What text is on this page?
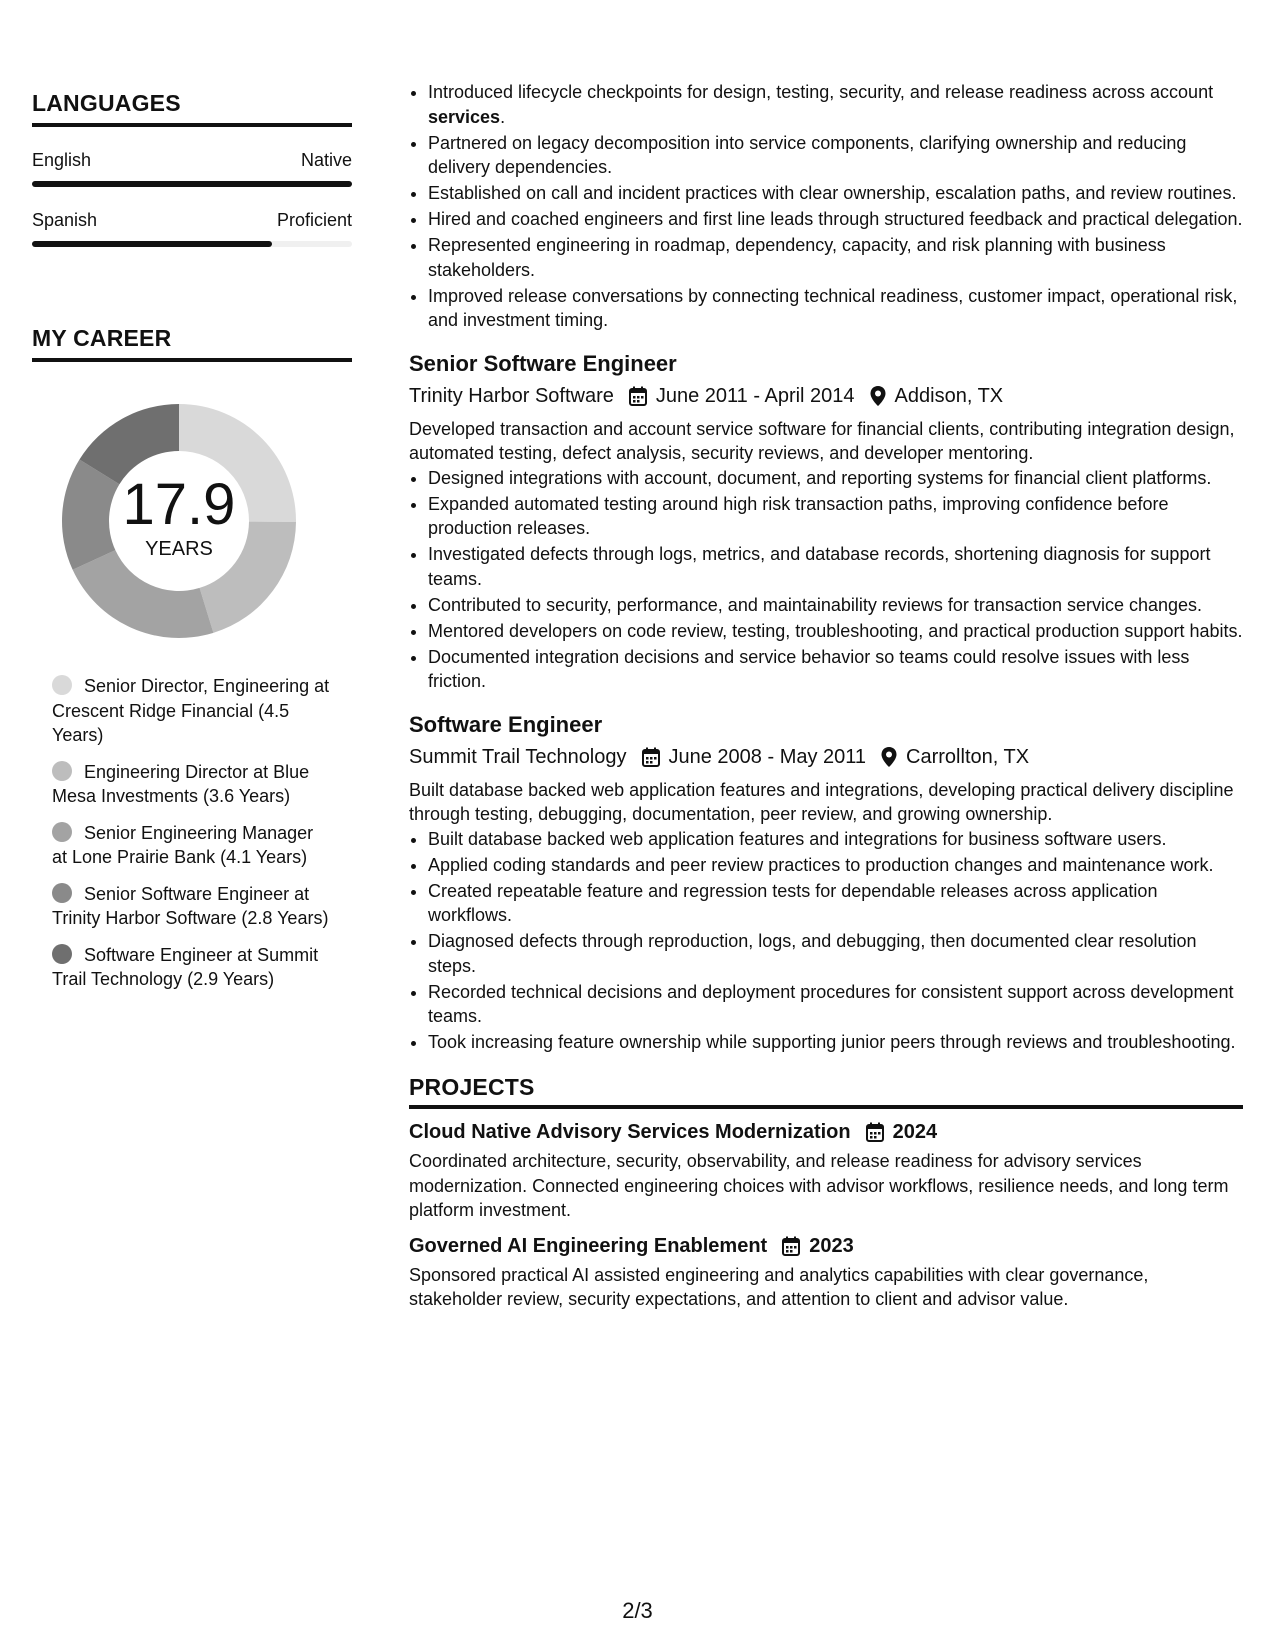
LANGUAGES
English	Native
Spanish	Proficient
MY CAREER
17.9
YEARS
Senior Director, Engineering at Crescent Ridge Financial (4.5 Years)
Engineering Director at Blue Mesa Investments (3.6 Years)
Senior Engineering Manager at Lone Prairie Bank (4.1 Years)
Senior Software Engineer at Trinity Harbor Software (2.8 Years)
Software Engineer at Summit Trail Technology (2.9 Years)
• Introduced lifecycle checkpoints for design, testing, security, and release readiness across account services.
• Partnered on legacy decomposition into service components, clarifying ownership and reducing delivery dependencies.
• Established on call and incident practices with clear ownership, escalation paths, and review routines.
• Hired and coached engineers and first line leads through structured feedback and practical delegation.
• Represented engineering in roadmap, dependency, capacity, and risk planning with business stakeholders.
• Improved release conversations by connecting technical readiness, customer impact, operational risk, and investment timing.
Senior Software Engineer
Trinity Harbor Software June 2011 - April 2014 Addison, TX
Developed transaction and account service software for financial clients, contributing integration design, automated testing, defect analysis, security reviews, and developer mentoring.
• Designed integrations with account, document, and reporting systems for financial client platforms.
• Expanded automated testing around high risk transaction paths, improving confidence before production releases.
• Investigated defects through logs, metrics, and database records, shortening diagnosis for support teams.
• Contributed to security, performance, and maintainability reviews for transaction service changes.
• Mentored developers on code review, testing, troubleshooting, and practical production support habits.
• Documented integration decisions and service behavior so teams could resolve issues with less friction.
Software Engineer
Summit Trail Technology June 2008 - May 2011 Carrollton, TX
Built database backed web application features and integrations, developing practical delivery discipline through testing, debugging, documentation, peer review, and growing ownership.
• Built database backed web application features and integrations for business software users.
• Applied coding standards and peer review practices to production changes and maintenance work.
• Created repeatable feature and regression tests for dependable releases across application workflows.
• Diagnosed defects through reproduction, logs, and debugging, then documented clear resolution steps.
• Recorded technical decisions and deployment procedures for consistent support across development teams.
• Took increasing feature ownership while supporting junior peers through reviews and troubleshooting.
PROJECTS
Cloud Native Advisory Services Modernization 2024
Coordinated architecture, security, observability, and release readiness for advisory services modernization. Connected engineering choices with advisor workflows, resilience needs, and long term platform investment.
Governed AI Engineering Enablement 2023
Sponsored practical AI assisted engineering and analytics capabilities with clear governance, stakeholder review, security expectations, and attention to client and advisor value.
2/3
